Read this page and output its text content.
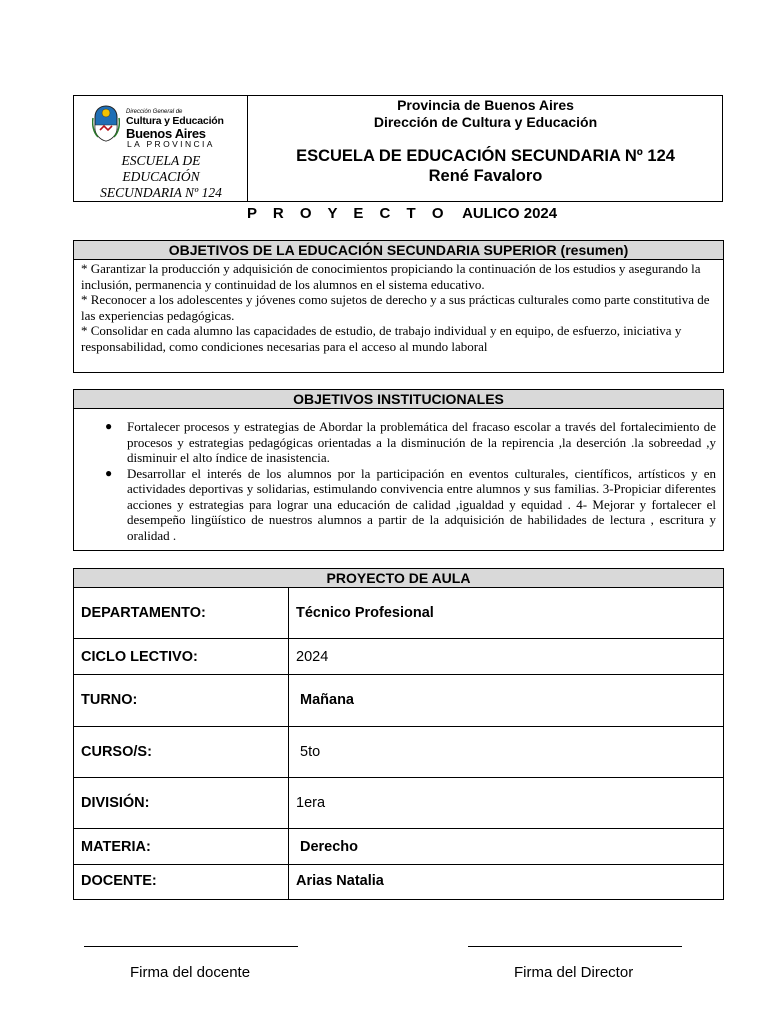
Dirección General de
Cultura y Educación
Buenos Aires
LA PROVINCIA
ESCUELA DE
EDUCACIÓN
SECUNDARIA Nº 124
Provincia de Buenos Aires
Dirección de Cultura y Educación
ESCUELA DE EDUCACIÓN SECUNDARIA Nº 124
René Favaloro
P R O Y E C T O AULICO 2024
OBJETIVOS DE LA EDUCACIÓN SECUNDARIA SUPERIOR (resumen)

* Garantizar la producción y adquisición de conocimientos propiciando la continuación de los estudios y asegurando la inclusión, permanencia y continuidad de los alumnos en el sistema educativo.

* Reconocer a los adolescentes y jóvenes como sujetos de derecho y a sus prácticas culturales como parte constitutiva de las experiencias pedagógicas.

* Consolidar en cada alumno las capacidades de estudio, de trabajo individual y en equipo, de esfuerzo, iniciativa y responsabilidad, como condiciones necesarias para el acceso al mundo laboral

OBJETIVOS INSTITUCIONALES
● Fortalecer procesos y estrategias de Abordar la problemática del fracaso escolar a través del fortalecimiento de procesos y estrategias pedagógicas orientadas a la disminución de la repirencia ,la deserción .la sobreedad ,y disminuir el alto índice de inasistencia.
● Desarrollar el interés de los alumnos por la participación en eventos culturales, científicos, artísticos y en actividades deportivas y solidarias, estimulando convivencia entre alumnos y sus familias. 3-Propiciar diferentes acciones y estrategias para lograr una educación de calidad ,igualdad y equidad . 4- Mejorar y fortalecer el desempeño lingüístico de nuestros alumnos a partir de la adquisición de habilidades de lectura , escritura y oralidad .
PROYECTO DE AULA
DEPARTAMENTO:	Técnico Profesional
CICLO LECTIVO:	2024
TURNO:	Mañana
CURSO/S:	5to
DIVISIÓN:	1era
MATERIA:	Derecho
DOCENTE:	Arias Natalia
Firma del docente	Firma del Director
